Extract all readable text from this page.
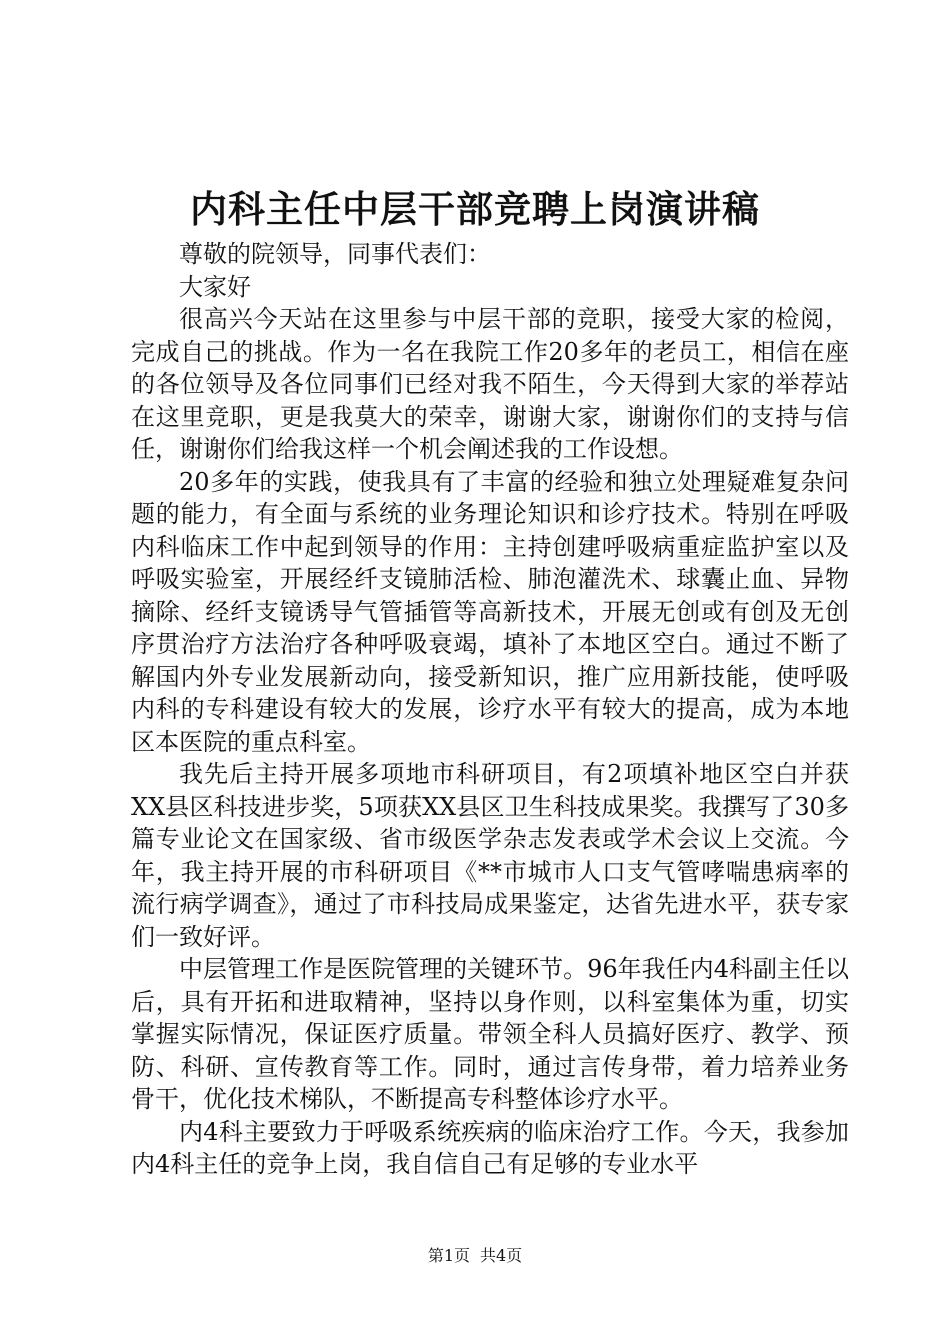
内科主任中层干部竞聘上岗演讲稿

尊敬的院领导，同事代表们：

大家好

很高兴今天站在这里参与中层干部的竞职，接受大家的检阅，完成自己的挑战。作为一名在我院工作20多年的老员工，相信在座的各位领导及各位同事们已经对我不陌生，今天得到大家的举荐站在这里竞职，更是我莫大的荣幸，谢谢大家，谢谢你们的支持与信任，谢谢你们给我这样一个机会阐述我的工作设想。

20多年的实践，使我具有了丰富的经验和独立处理疑难复杂问题的能力，有全面与系统的业务理论知识和诊疗技术。特别在呼吸内科临床工作中起到领导的作用：主持创建呼吸病重症监护室以及呼吸实验室，开展经纤支镜肺活检、肺泡灌洗术、球囊止血、异物摘除、经纤支镜诱导气管插管等高新技术，开展无创或有创及无创序贯治疗方法治疗各种呼吸衰竭，填补了本地区空白。通过不断了解国内外专业发展新动向，接受新知识，推广应用新技能，使呼吸内科的专科建设有较大的发展，诊疗水平有较大的提高，成为本地区本医院的重点科室。

我先后主持开展多项地市科研项目，有2项填补地区空白并获XX县区科技进步奖，5项获XX县区卫生科技成果奖。我撰写了30多篇专业论文在国家级、省市级医学杂志发表或学术会议上交流。今年，我主持开展的市科研项目《**市城市人口支气管哮喘患病率的流行病学调查》，通过了市科技局成果鉴定，达省先进水平，获专家们一致好评。

中层管理工作是医院管理的关键环节。96年我任内4科副主任以后，具有开拓和进取精神，坚持以身作则，以科室集体为重，切实掌握实际情况，保证医疗质量。带领全科人员搞好医疗、教学、预防、科研、宣传教育等工作。同时，通过言传身带，着力培养业务骨干，优化技术梯队，不断提高专科整体诊疗水平。

内4科主要致力于呼吸系统疾病的临床治疗工作。今天，我参加内4科主任的竞争上岗，我自信自己有足够的专业水平

第1页 共4页
